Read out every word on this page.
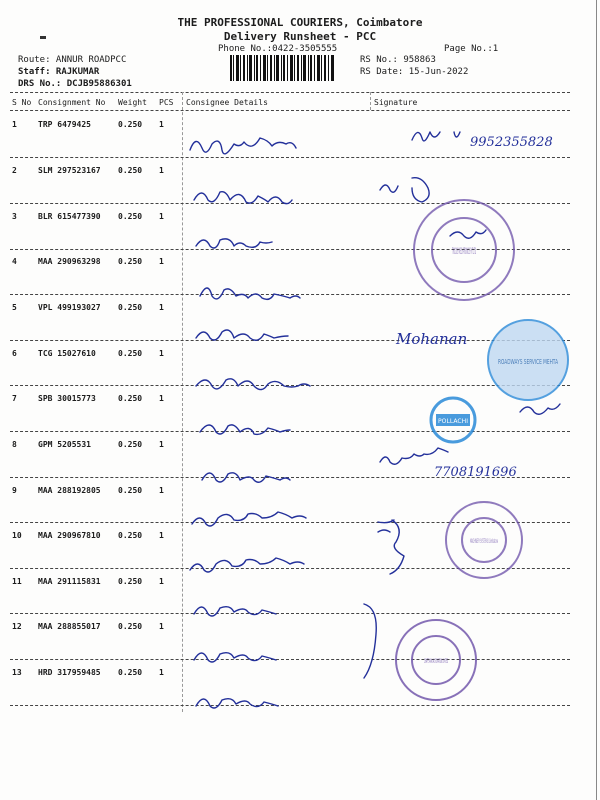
THE PROFESSIONAL COURIERS, Coimbatore
Delivery Runsheet - PCC
Phone No.:0422-3505555	Page No.:1
Route: ANNUR ROADPCC
Staff: RAJKUMAR
DRS No.: DCJB95886301
RS No.: 958863
RS Date: 15-Jun-2022
S No Consignment No Weight PCS Consignee Details	Signature
1	TRP 6479425	0.250 1
2	SLM 297523167 0.250 1
3	BLR 615477390 0.250 1
4	MAA 290963298 0.250 1
5	VPL 499193027 0.250 1
6	TCG 15027610	0.250 1
7	SPB 30015773	0.250 1
8	GPM 5205531	0.250 1
9	MAA 288192805 0.250 1
10 MAA 290967810 0.250 1
11 MAA 291115831 0.250 1
12 MAA 288855017 0.250 1
13 HRD 317959485 0.250 1
9952355828
Mohanan
7708191696
TROCOS MECHATRONICS PVT.LTD
ROADWAYS SERVICE MEHTA
POLLACHI
MACHINERY SYSTEMS Coimbatore
CRAFTSMAN AUTOMATION LIMITED
